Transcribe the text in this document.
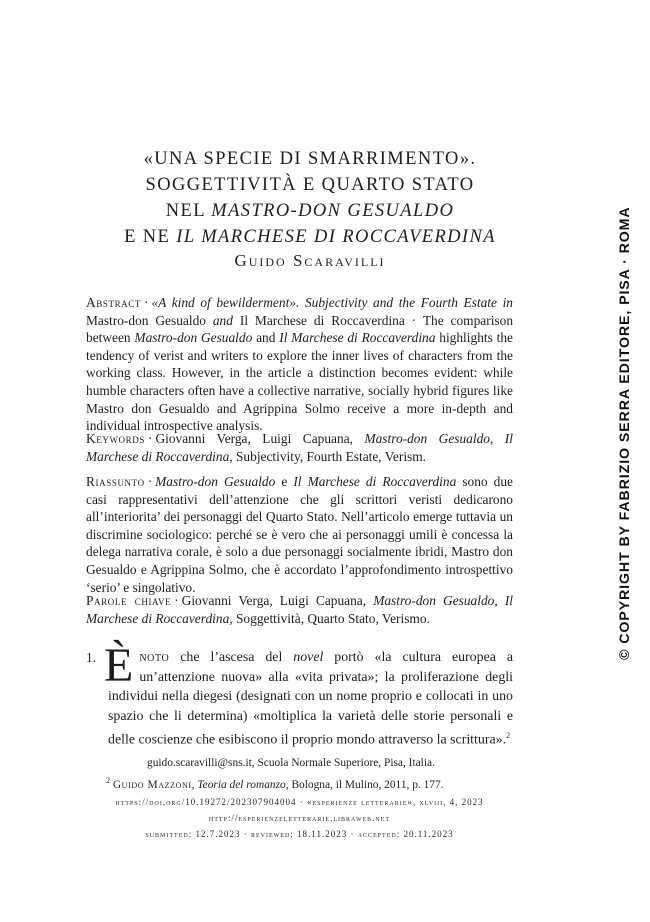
«UNA SPECIE DI SMARRIMENTO».
SOGGETTIVITÀ E QUARTO STATO
NEL MASTRO-DON GESUALDO
E NE IL MARCHESE DI ROCCAVERDINA
Guido Scaravilli
Abstract · «A kind of bewilderment». Subjectivity and the Fourth Estate in Mastro-don Gesualdo and Il Marchese di Roccaverdina · The comparison between Mastro-don Gesualdo and Il Marchese di Roccaverdina highlights the tendency of verist and writers to explore the inner lives of characters from the working class. However, in the article a distinction becomes evident: while humble characters often have a collective narrative, socially hybrid figures like Mastro don Gesualdo and Agrippina Solmo receive a more in-depth and individual introspective analysis.
Keywords · Giovanni Verga, Luigi Capuana, Mastro-don Gesualdo, Il Marchese di Roccaverdina, Subjectivity, Fourth Estate, Verism.
Riassunto · Mastro-don Gesualdo e Il Marchese di Roccaverdina sono due casi rappresentativi dell’attenzione che gli scrittori veristi dedicarono all’interiorita’ dei personaggi del Quarto Stato. Nell’articolo emerge tuttavia un discrimine sociologico: perché se è vero che ai personaggi umili è concessa la delega narrativa corale, è solo a due personaggi socialmente ibridi, Mastro don Gesualdo e Agrippina Solmo, che è accordato l’approfondimento introspettivo ‘serio’ e singolativo.
Parole chiave · Giovanni Verga, Luigi Capuana, Mastro-don Gesualdo, Il Marchese di Roccaverdina, Soggettività, Quarto Stato, Verismo.
1. Ènoto che l’ascesa del novel portò «la cultura europea a un’attenzione nuova» alla «vita privata»; la proliferazione degli individui nella diegesi (designati con un nome proprio e collocati in uno spazio che li determina) «moltiplica la varietà delle storie personali e delle coscienze che esibiscono il proprio mondo attraverso la scrittura».$^2$
guido.scaravilli@sns.it, Scuola Normale Superiore, Pisa, Italia.
$^2$ Guido Mazzoni, Teoria del romanzo, Bologna, il Mulino, 2011, p. 177.
https://doi.org/10.19272/202307904004 · «esperienze letterarie», xlviii, 4, 2023
http://esperienzeletterarie.libraweb.net
submitted: 12.7.2023 · reviewed: 18.11.2023 · accepted: 20.11.2023
© COPYRIGHT BY FABRIZIO SERRA EDITORE, PISA · ROMA
